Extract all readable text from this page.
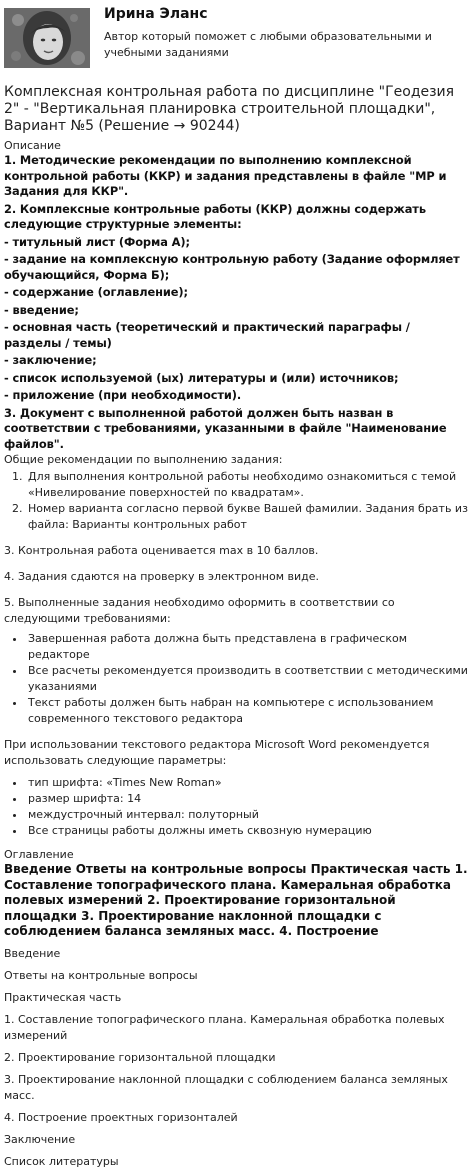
Ирина Эланс
Автор который поможет с любыми образовательными и учебными заданиями
Комплексная контрольная работа по дисциплине "Геодезия 2" - "Вертикальная планировка строительной площадки", Вариант №5 (Решение → 90244)
Описание

1. Методические рекомендации по выполнению комплексной контрольной работы (ККР) и задания представлены в файле "МР и Задания для ККР".

2. Комплексные контрольные работы (ККР) должны содержать следующие структурные элементы:

- титульный лист (Форма А);

- задание на комплексную контрольную работу (Задание оформляет обучающийся, Форма Б);

- содержание (оглавление);

- введение;

- основная часть (теоретический и практический параграфы / разделы / темы)

- заключение;

- список используемой (ых) литературы и (или) источников;

- приложение (при необходимости).

3. Документ с выполненной работой должен быть назван в соответствии с требованиями, указанными в файле "Наименование файлов".

Общие рекомендации по выполнению задания:
1. Для выполнения контрольной работы необходимо ознакомиться с темой «Нивелирование поверхностей по квадратам».
2. Номер варианта согласно первой букве Вашей фамилии. Задания брать из файла: Варианты контрольных работ

3. Контрольная работа оценивается max в 10 баллов.

4. Задания сдаются на проверку в электронном виде.

5. Выполненные задания необходимо оформить в соответствии со следующими требованиями:

• Завершенная работа должна быть представлена в графическом редакторе
• Все расчеты рекомендуется производить в соответствии с методическими указаниями
• Текст работы должен быть набран на компьютере с использованием современного текстового редактора

При использовании текстового редактора Microsoft Word рекомендуется использовать следующие параметры:

• тип шрифта: «Times New Roman»
• размер шрифта: 14
• междустрочный интервал: полуторный
• Все страницы работы должны иметь сквозную нумерацию
Оглавление

Введение Ответы на контрольные вопросы Практическая часть 1. Составление топографического плана. Камеральная обработка полевых измерений 2. Проектирование горизонтальной площадки 3. Проектирование наклонной площадки с соблюдением баланса земляных масс. 4. Построение

Введение
Ответы на контрольные вопросы
Практическая часть
1. Составление топографического плана. Камеральная обработка полевых измерений
2. Проектирование горизонтальной площадки
3. Проектирование наклонной площадки с соблюдением баланса земляных масс.
4. Построение проектных горизонталей
Заключение
Список литературы
